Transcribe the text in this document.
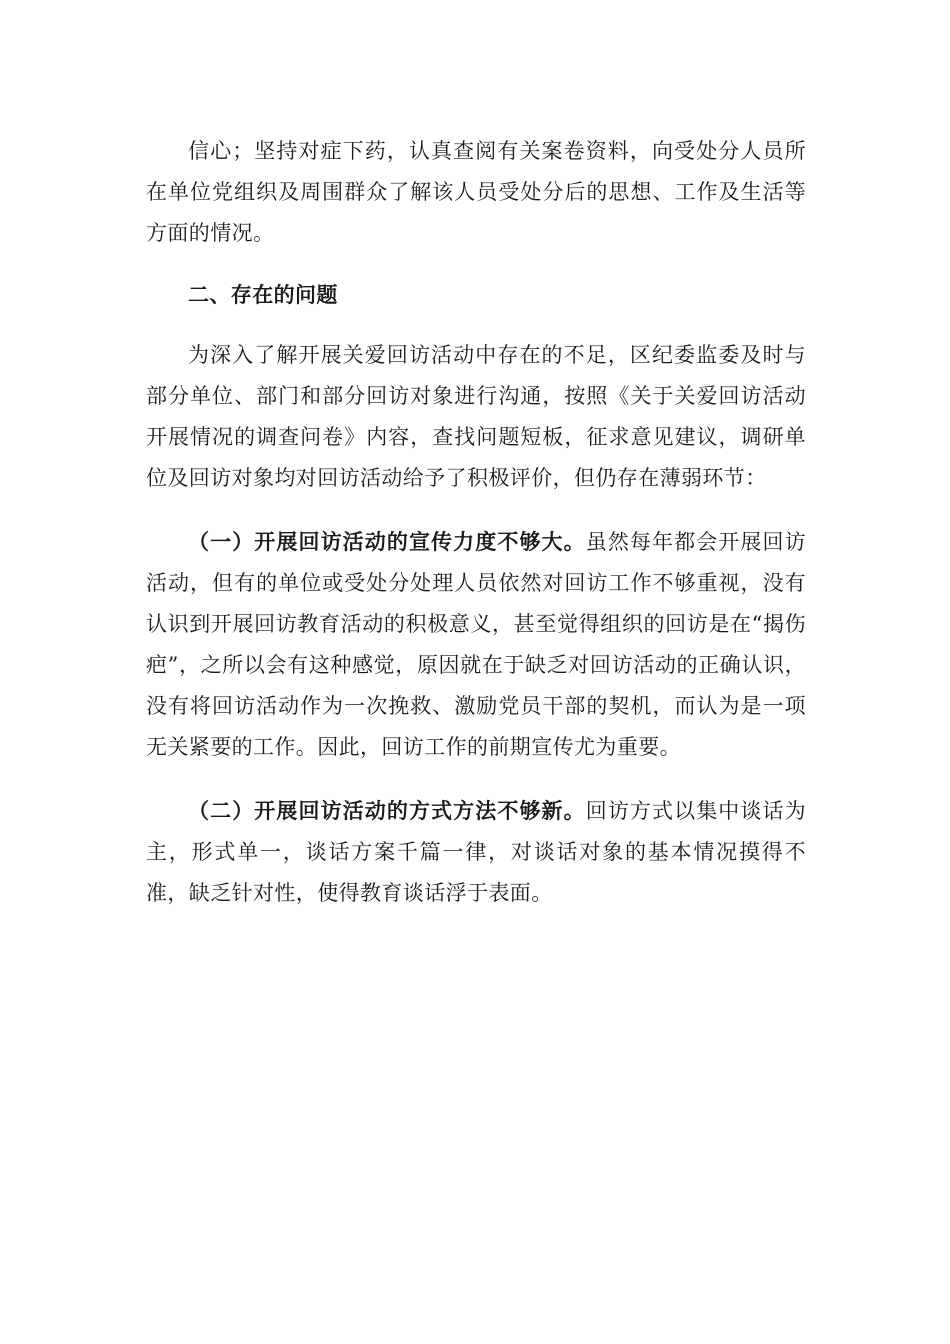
信心；坚持对症下药，认真查阅有关案卷资料，向受处分人员所在单位党组织及周围群众了解该人员受处分后的思想、工作及生活等方面的情况。

二、存在的问题

为深入了解开展关爱回访活动中存在的不足，区纪委监委及时与部分单位、部门和部分回访对象进行沟通，按照《关于关爱回访活动开展情况的调查问卷》内容，查找问题短板，征求意见建议，调研单位及回访对象均对回访活动给予了积极评价，但仍存在薄弱环节：

（一）开展回访活动的宣传力度不够大。虽然每年都会开展回访活动，但有的单位或受处分处理人员依然对回访工作不够重视，没有认识到开展回访教育活动的积极意义，甚至觉得组织的回访是在“揭伤疤”，之所以会有这种感觉，原因就在于缺乏对回访活动的正确认识，没有将回访活动作为一次挽救、激励党员干部的契机，而认为是一项无关紧要的工作。因此，回访工作的前期宣传尤为重要。

（二）开展回访活动的方式方法不够新。回访方式以集中谈话为主，形式单一，谈话方案千篇一律，对谈话对象的基本情况摸得不准，缺乏针对性，使得教育谈话浮于表面。
